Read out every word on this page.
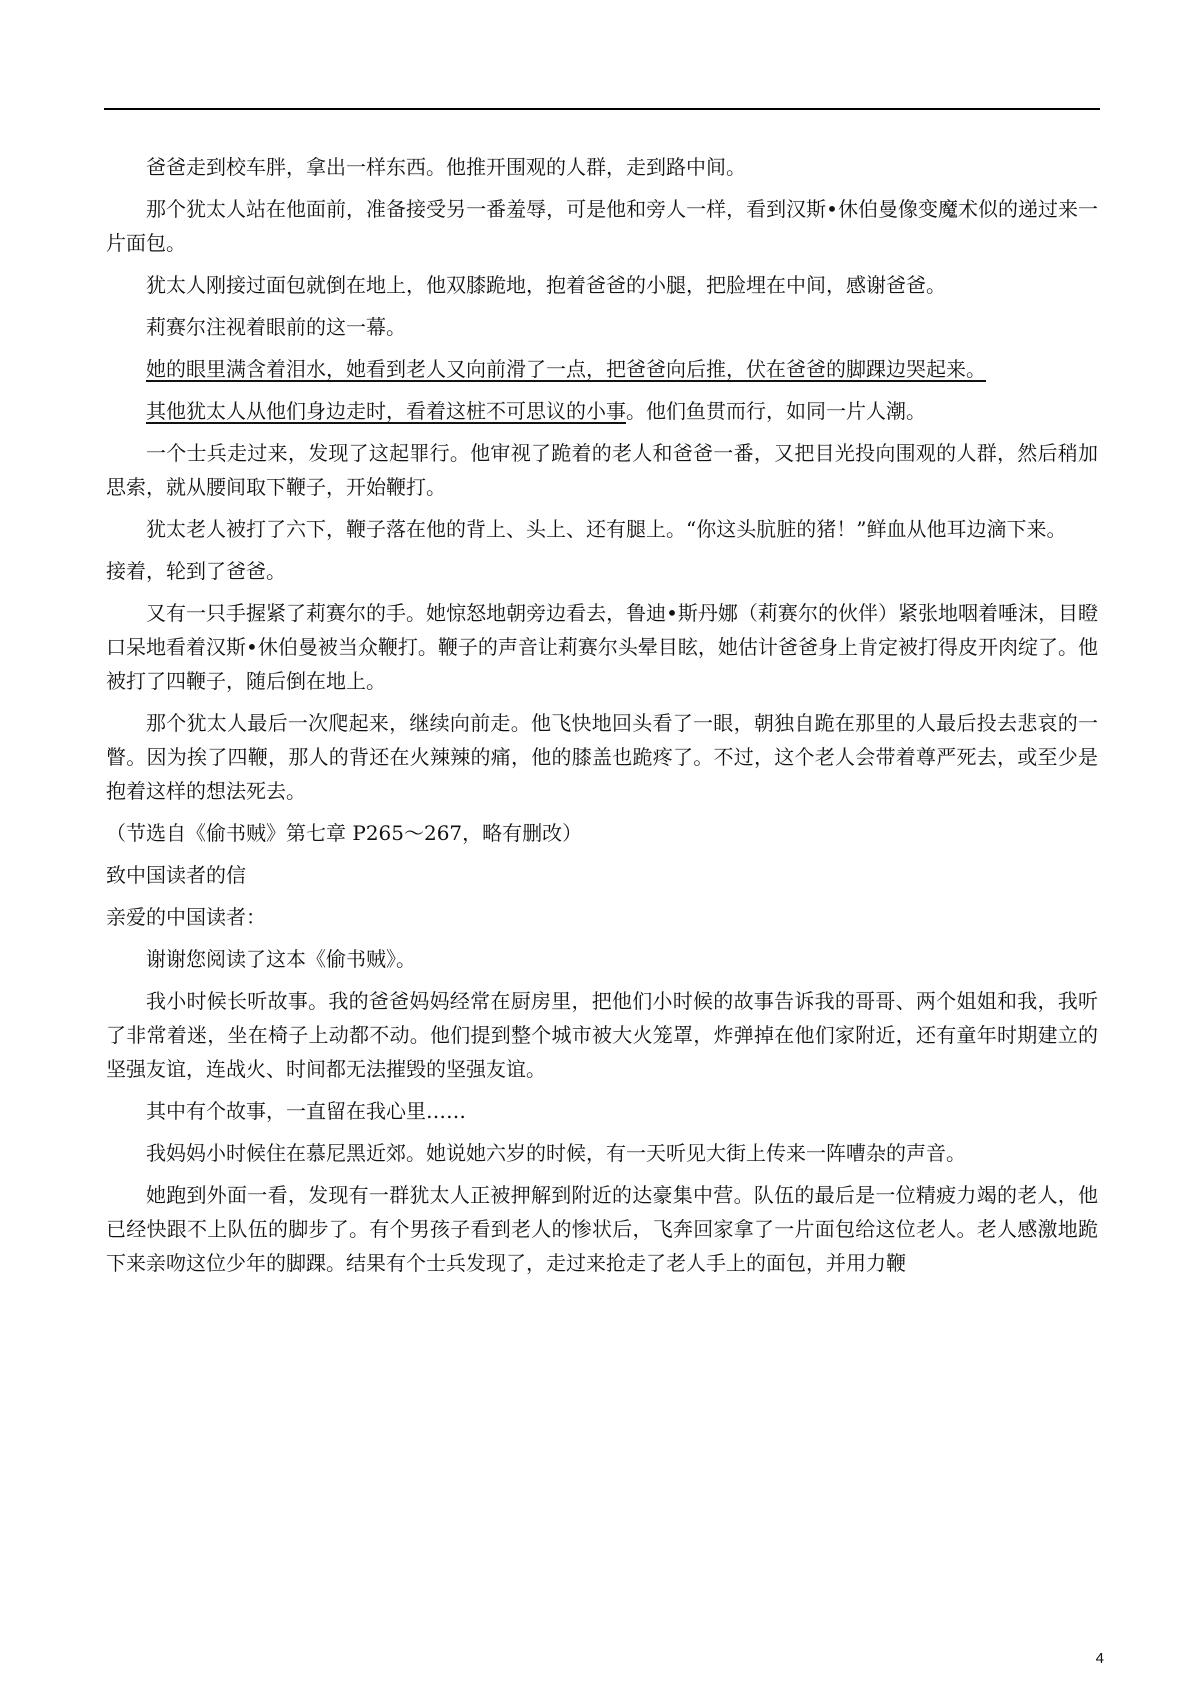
爸爸走到校车胖，拿出一样东西。他推开围观的人群，走到路中间。

那个犹太人站在他面前，准备接受另一番羞辱，可是他和旁人一样，看到汉斯•休伯曼像变魔术似的递过来一片面包。

犹太人刚接过面包就倒在地上，他双膝跪地，抱着爸爸的小腿，把脸埋在中间，感谢爸爸。

莉赛尔注视着眼前的这一幕。

她的眼里满含着泪水，她看到老人又向前滑了一点，把爸爸向后推，伏在爸爸的脚踝边哭起来。

其他犹太人从他们身边走时，看着这桩不可思议的小事。他们鱼贯而行，如同一片人潮。

一个士兵走过来，发现了这起罪行。他审视了跪着的老人和爸爸一番，又把目光投向围观的人群，然后稍加思索，就从腰间取下鞭子，开始鞭打。

犹太老人被打了六下，鞭子落在他的背上、头上、还有腿上。“你这头肮脏的猪！”鲜血从他耳边滴下来。

接着，轮到了爸爸。

又有一只手握紧了莉赛尔的手。她惊怒地朝旁边看去，鲁迪•斯丹娜（莉赛尔的伙伴）紧张地咽着唾沫，目瞪口呆地看着汉斯•休伯曼被当众鞭打。鞭子的声音让莉赛尔头晕目眩，她估计爸爸身上肯定被打得皮开肉绽了。他被打了四鞭子，随后倒在地上。

那个犹太人最后一次爬起来，继续向前走。他飞快地回头看了一眼，朝独自跪在那里的人最后投去悲哀的一瞥。因为挨了四鞭，那人的背还在火辣辣的痛，他的膝盖也跪疼了。不过，这个老人会带着尊严死去，或至少是抱着这样的想法死去。

（节选自《偷书贼》第七章 P265～267，略有删改）

致中国读者的信

亲爱的中国读者：

谢谢您阅读了这本《偷书贼》。

我小时候长听故事。我的爸爸妈妈经常在厨房里，把他们小时候的故事告诉我的哥哥、两个姐姐和我，我听了非常着迷，坐在椅子上动都不动。他们提到整个城市被大火笼罩，炸弹掉在他们家附近，还有童年时期建立的坚强友谊，连战火、时间都无法摧毁的坚强友谊。

其中有个故事，一直留在我心里……

我妈妈小时候住在慕尼黑近郊。她说她六岁的时候，有一天听见大街上传来一阵嘈杂的声音。

她跑到外面一看，发现有一群犹太人正被押解到附近的达豪集中营。队伍的最后是一位精疲力竭的老人，他已经快跟不上队伍的脚步了。有个男孩子看到老人的惨状后，飞奔回家拿了一片面包给这位老人。老人感激地跪下来亲吻这位少年的脚踝。结果有个士兵发现了，走过来抢走了老人手上的面包，并用力鞭

4
